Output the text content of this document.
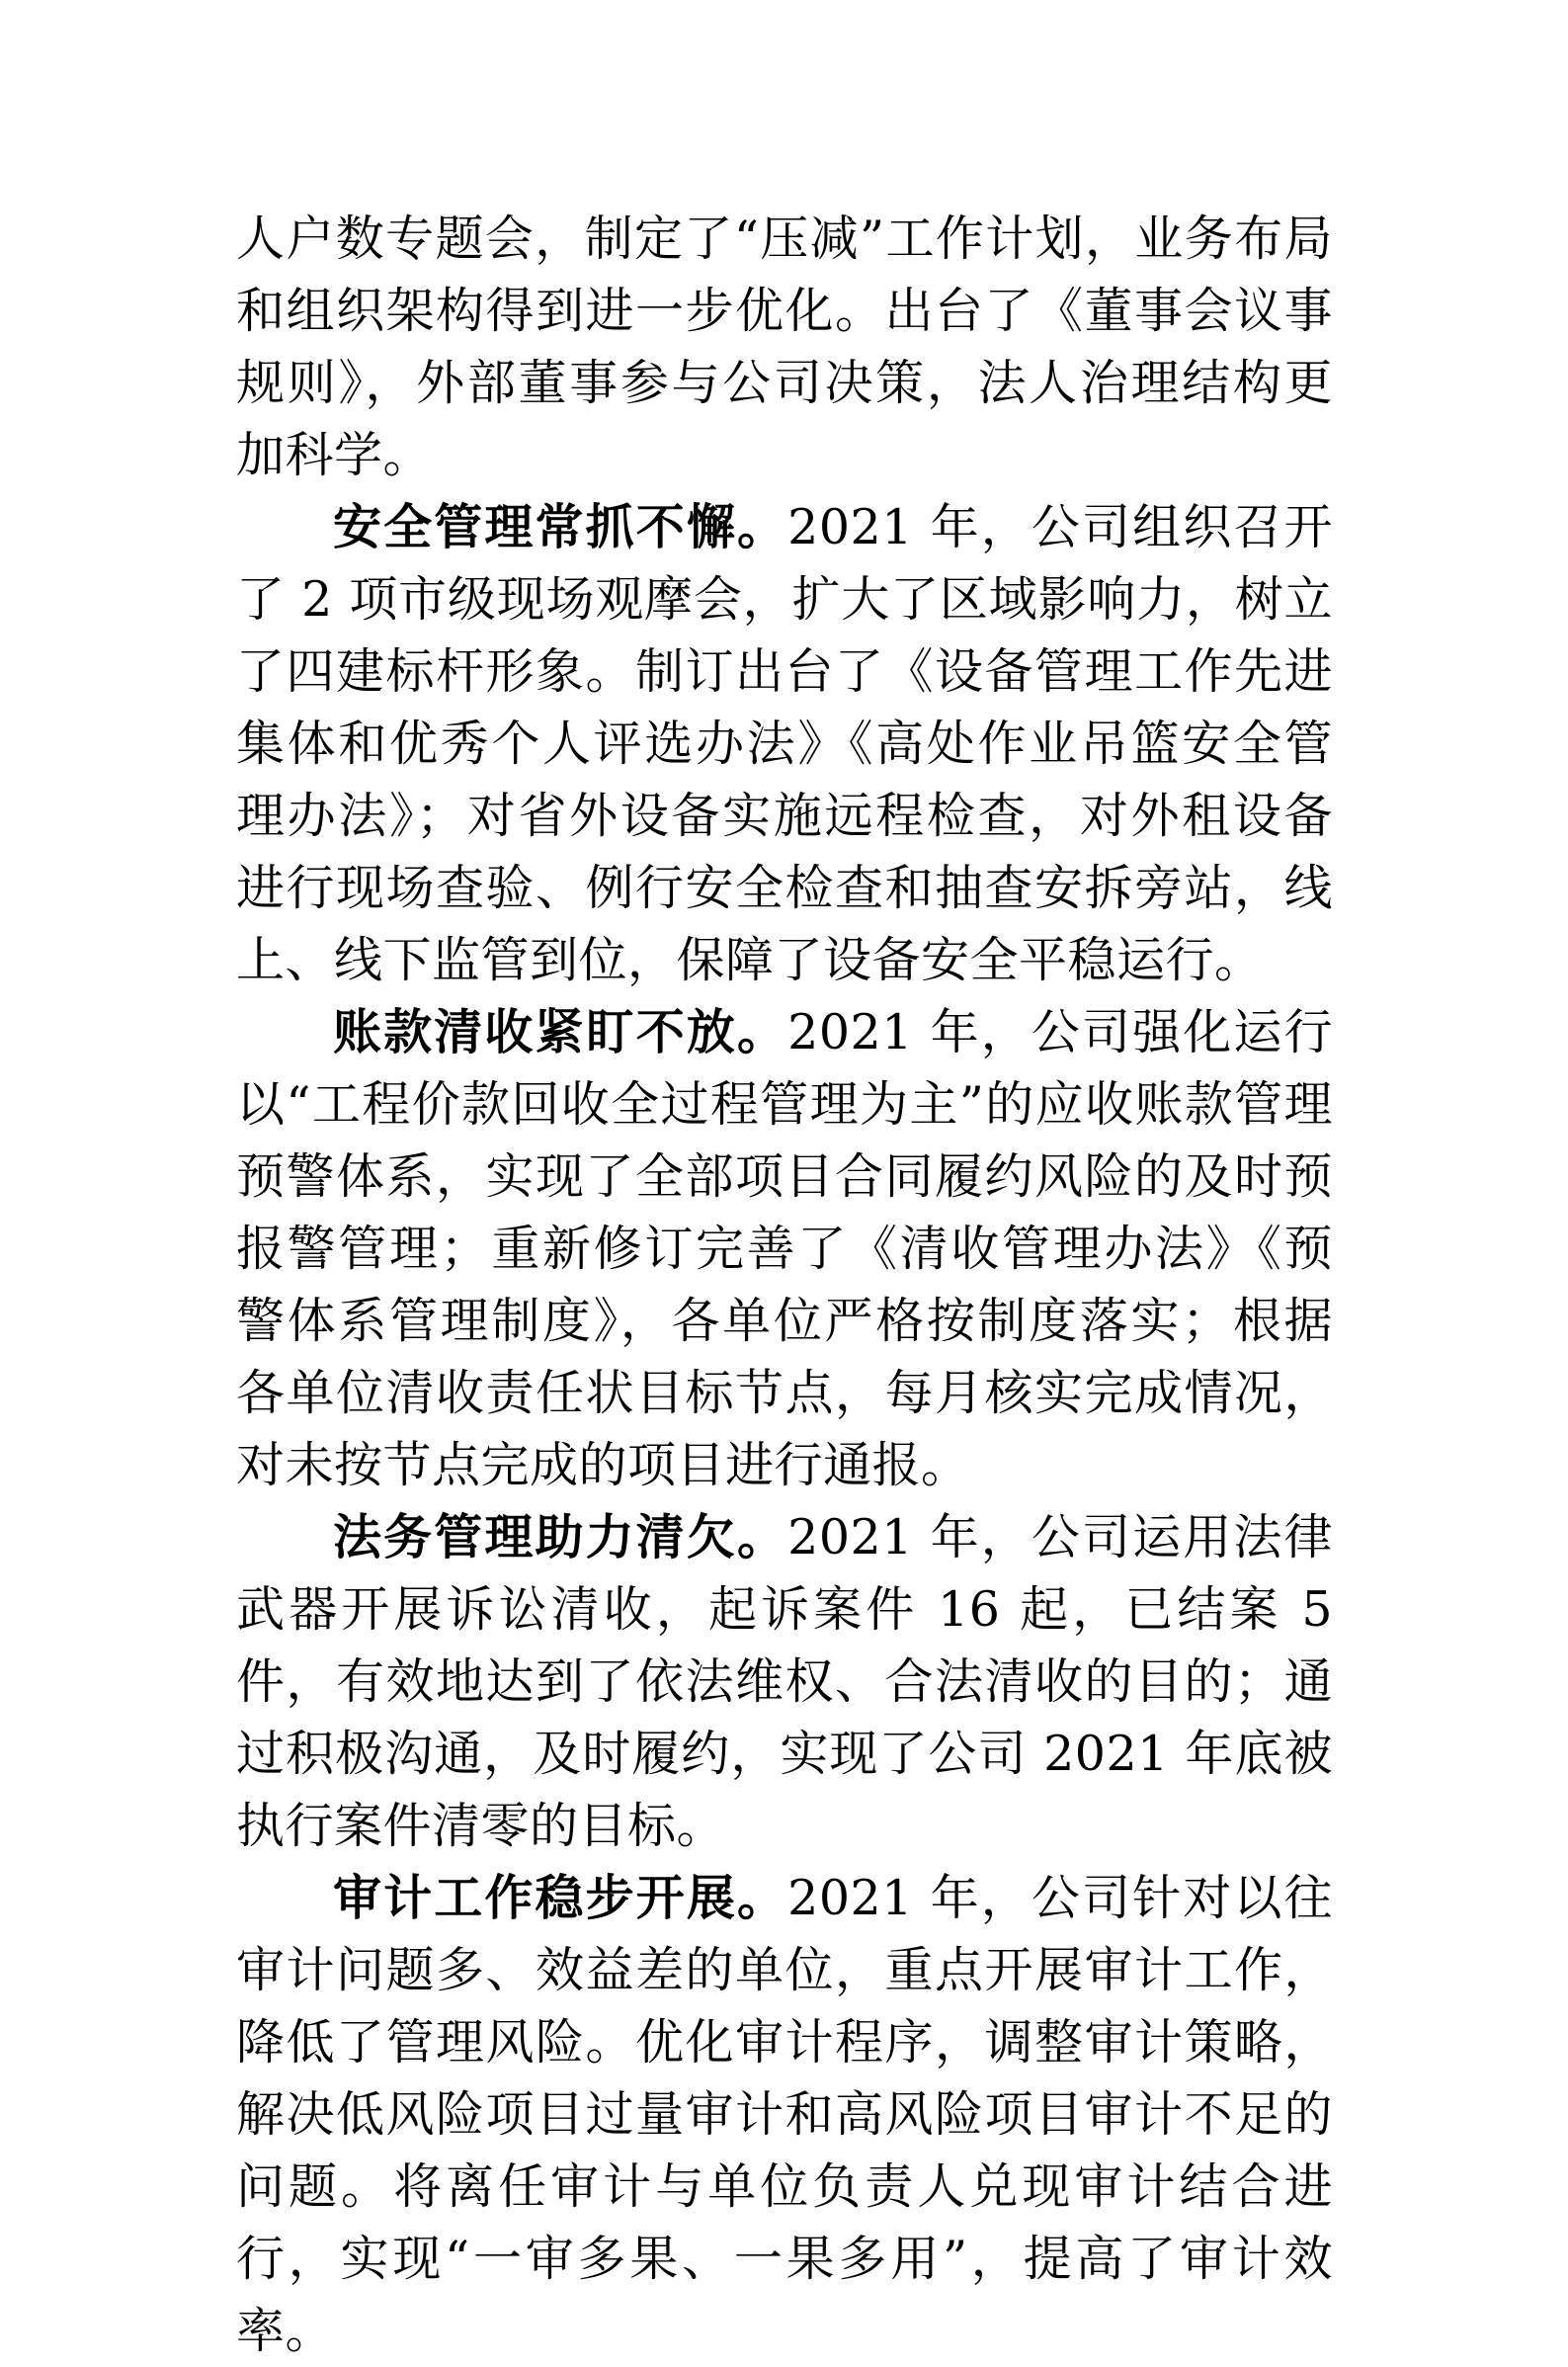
人户数专题会，制定了“压减”工作计划，业务布局和组织架构得到进一步优化。出台了《董事会议事规则》，外部董事参与公司决策，法人治理结构更加科学。

安全管理常抓不懈。2021 年，公司组织召开了 2 项市级现场观摩会，扩大了区域影响力，树立了四建标杆形象。制订出台了《设备管理工作先进集体和优秀个人评选办法》《高处作业吊篮安全管理办法》；对省外设备实施远程检查，对外租设备进行现场查验、例行安全检查和抽查安拆旁站，线上、线下监管到位，保障了设备安全平稳运行。

账款清收紧盯不放。2021 年，公司强化运行以“工程价款回收全过程管理为主”的应收账款管理预警体系，实现了全部项目合同履约风险的及时预报警管理；重新修订完善了《清收管理办法》《预警体系管理制度》，各单位严格按制度落实；根据各单位清收责任状目标节点，每月核实完成情况，对未按节点完成的项目进行通报。

法务管理助力清欠。2021 年，公司运用法律武器开展诉讼清收，起诉案件 16 起，已结案 5 件，有效地达到了依法维权、合法清收的目的；通过积极沟通，及时履约，实现了公司 2021 年底被执行案件清零的目标。

审计工作稳步开展。2021 年，公司针对以往审计问题多、效益差的单位，重点开展审计工作，降低了管理风险。优化审计程序，调整审计策略，解决低风险项目过量审计和高风险项目审计不足的问题。将离任审计与单位负责人兑现审计结合进行，实现“一审多果、一果多用”，提高了审计效率。
